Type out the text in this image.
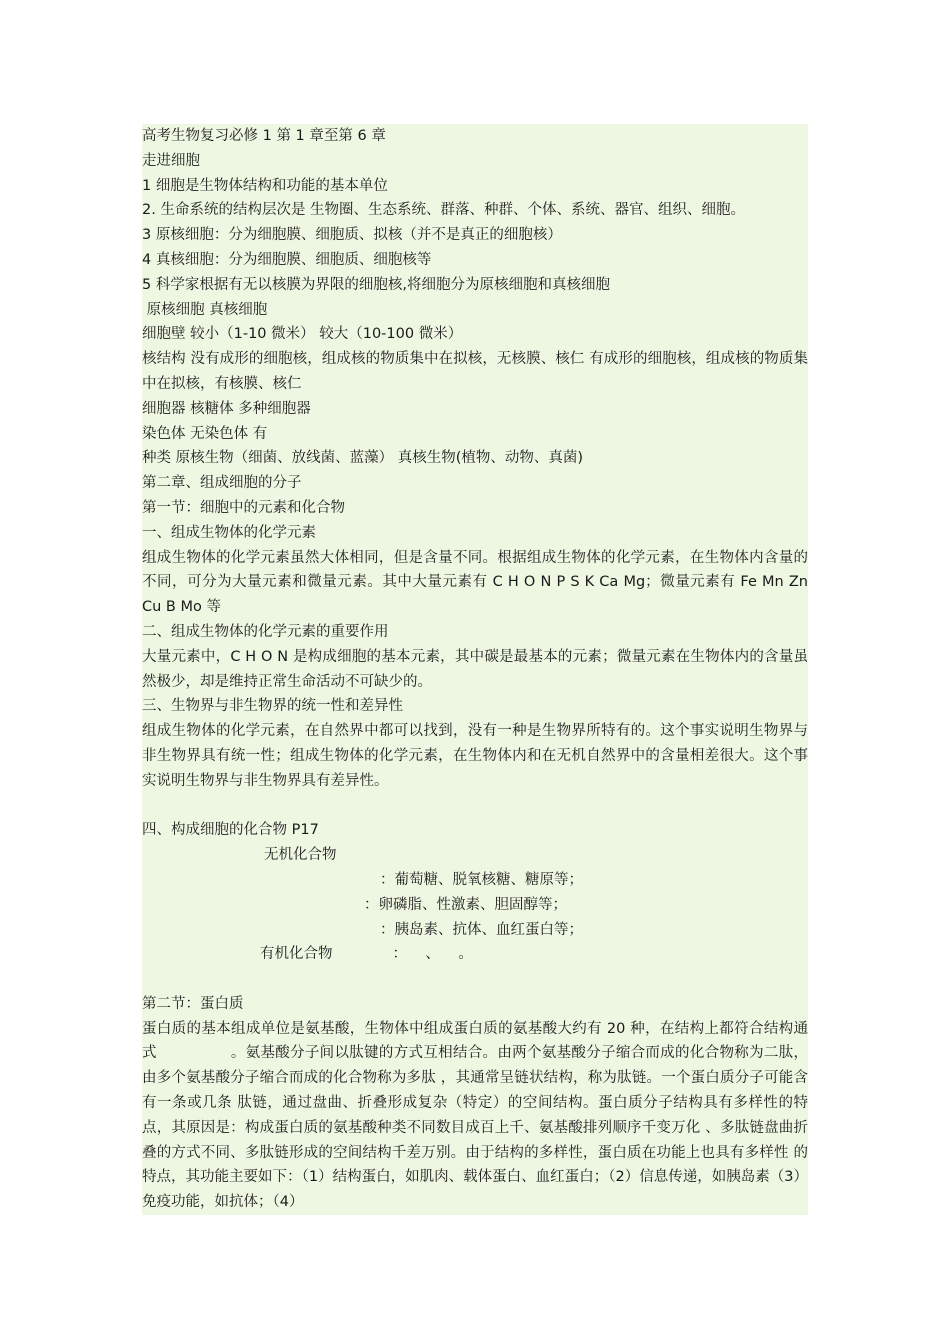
高考生物复习必修 1 第 1 章至第 6 章
走进细胞
1 细胞是生物体结构和功能的基本单位
2. 生命系统的结构层次是 生物圈、生态系统、群落、种群、个体、系统、器官、组织、细胞。
3 原核细胞：分为细胞膜、细胞质、拟核（并不是真正的细胞核）
4 真核细胞：分为细胞膜、细胞质、细胞核等
5 科学家根据有无以核膜为界限的细胞核,将细胞分为原核细胞和真核细胞
原核细胞 真核细胞
细胞壁 较小（1-10 微米） 较大（10-100 微米）
核结构 没有成形的细胞核，组成核的物质集中在拟核，无核膜、核仁 有成形的细胞核，组成核的物质集中在拟核，有核膜、核仁
细胞器 核糖体 多种细胞器
染色体 无染色体 有
种类 原核生物（细菌、放线菌、蓝藻） 真核生物(植物、动物、真菌)
第二章、组成细胞的分子
第一节：细胞中的元素和化合物
一、组成生物体的化学元素
组成生物体的化学元素虽然大体相同，但是含量不同。根据组成生物体的化学元素，在生物体内含量的不同，可分为大量元素和微量元素。其中大量元素有 C H O N P S K Ca Mg；微量元素有 Fe Mn Zn Cu B Mo 等
二、组成生物体的化学元素的重要作用
大量元素中，C H O N 是构成细胞的基本元素，其中碳是最基本的元素；微量元素在生物体内的含量虽然极少，却是维持正常生命活动不可缺少的。
三、生物界与非生物界的统一性和差异性
组成生物体的化学元素，在自然界中都可以找到，没有一种是生物界所特有的。这个事实说明生物界与非生物界具有统一性；组成生物体的化学元素，在生物体内和在无机自然界中的含量相差很大。这个事实说明生物界与非生物界具有差异性。
四、构成细胞的化合物 P17
无机化合物
：葡萄糖、脱氧核糖、糖原等；
：卵磷脂、性激素、胆固醇等；
：胰岛素、抗体、血红蛋白等；
有机化合物	：    、    。
第二节：蛋白质
蛋白质的基本组成单位是氨基酸，生物体中组成蛋白质的氨基酸大约有 20 种，在结构上都符合结构通式　　　　　。氨基酸分子间以肽键的方式互相结合。由两个氨基酸分子缩合而成的化合物称为二肽，由多个氨基酸分子缩合而成的化合物称为多肽 ，其通常呈链状结构，称为肽链。一个蛋白质分子可能含有一条或几条 肽链，通过盘曲、折叠形成复杂（特定）的空间结构。蛋白质分子结构具有多样性的特点，其原因是：构成蛋白质的氨基酸种类不同数目成百上千、氨基酸排列顺序千变万化 、多肽链盘曲折叠的方式不同、多肽链形成的空间结构千差万别。由于结构的多样性，蛋白质在功能上也具有多样性 的特点，其功能主要如下：（1）结构蛋白，如肌肉、载体蛋白、血红蛋白；（2）信息传递，如胰岛素（3）免疫功能，如抗体；（4）
